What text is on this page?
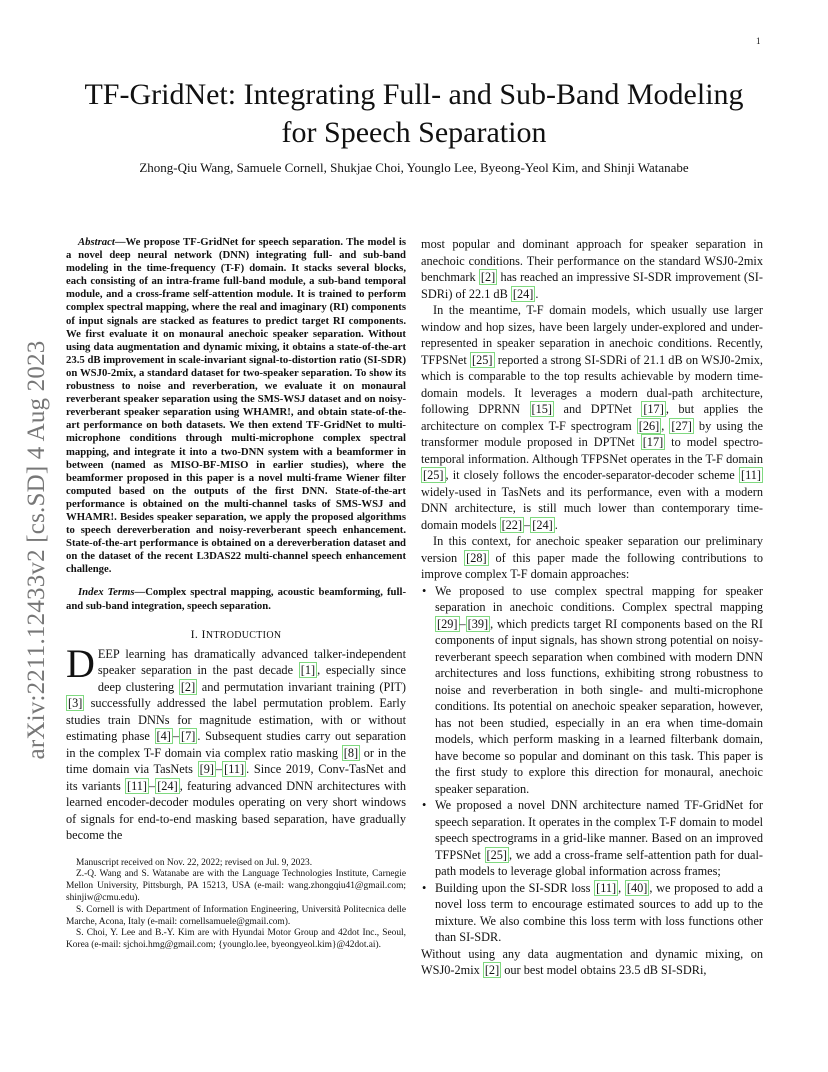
1
arXiv:2211.12433v2 [cs.SD] 4 Aug 2023
TF-GridNet: Integrating Full- and Sub-Band Modeling for Speech Separation
Zhong-Qiu Wang, Samuele Cornell, Shukjae Choi, Younglo Lee, Byeong-Yeol Kim, and Shinji Watanabe

Abstract—We propose TF-GridNet for speech separation. The model is a novel deep neural network (DNN) integrating full- and sub-band modeling in the time-frequency (T-F) domain. It stacks several blocks, each consisting of an intra-frame full-band module, a sub-band temporal module, and a cross-frame self-attention module. It is trained to perform complex spectral mapping, where the real and imaginary (RI) components of input signals are stacked as features to predict target RI components. We first evaluate it on monaural anechoic speaker separation. Without using data augmentation and dynamic mixing, it obtains a state-of-the-art 23.5 dB improvement in scale-invariant signal-to-distortion ratio (SI-SDR) on WSJ0-2mix, a standard dataset for two-speaker separation. To show its robustness to noise and reverberation, we evaluate it on monaural reverberant speaker separation using the SMS-WSJ dataset and on noisy-reverberant speaker separation using WHAMR!, and obtain state-of-the-art performance on both datasets. We then extend TF-GridNet to multi-microphone conditions through multi-microphone complex spectral mapping, and integrate it into a two-DNN system with a beamformer in between (named as MISO-BF-MISO in earlier studies), where the beamformer proposed in this paper is a novel multi-frame Wiener filter computed based on the outputs of the first DNN. State-of-the-art performance is obtained on the multi-channel tasks of SMS-WSJ and WHAMR!. Besides speaker separation, we apply the proposed algorithms to speech dereverberation and noisy-reverberant speech enhancement. State-of-the-art performance is obtained on a dereverberation dataset and on the dataset of the recent L3DAS22 multi-channel speech enhancement challenge.

Index Terms—Complex spectral mapping, acoustic beamforming, full- and sub-band integration, speech separation.

I. INTRODUCTION

DEEP learning has dramatically advanced talker-independent speaker separation in the past decade [1] , especially since deep clustering [2] and permutation invariant training (PIT) [3] successfully addressed the label permutation problem. Early studies train DNNs for magnitude estimation, with or without estimating phase [4] – [7] . Subsequent studies carry out separation in the complex T-F domain via complex ratio masking [8] or in the time domain via TasNets [9] – [11] . Since 2019, Conv-TasNet and its variants [11] – [24] , featuring advanced DNN architectures with learned encoder-decoder modules operating on very short windows of signals for end-to-end masking based separation, have gradually become the

Manuscript received on Nov. 22, 2022; revised on Jul. 9, 2023.

Z.-Q. Wang and S. Watanabe are with the Language Technologies Institute, Carnegie Mellon University, Pittsburgh, PA 15213, USA (e-mail: wang.zhongqiu41@gmail.com; shinjiw@cmu.edu).

S. Cornell is with Department of Information Engineering, Università Politecnica delle Marche, Acona, Italy (e-mail: cornellsamuele@gmail.com).

S. Choi, Y. Lee and B.-Y. Kim are with Hyundai Motor Group and 42dot Inc., Seoul, Korea (e-mail: sjchoi.hmg@gmail.com; {younglo.lee, byeongyeol.kim}@42dot.ai).

most popular and dominant approach for speaker separation in anechoic conditions. Their performance on the standard WSJ0-2mix benchmark [2] has reached an impressive SI-SDR improvement (SI-SDRi) of 22.1 dB [24] .

In the meantime, T-F domain models, which usually use larger window and hop sizes, have been largely under-explored and under-represented in speaker separation in anechoic conditions. Recently, TFPSNet [25] reported a strong SI-SDRi of 21.1 dB on WSJ0-2mix, which is comparable to the top results achievable by modern time-domain models. It leverages a modern dual-path architecture, following DPRNN [15] and DPTNet [17] , but applies the architecture on complex T-F spectrogram [26] , [27] by using the transformer module proposed in DPTNet [17] to model spectro-temporal information. Although TFPSNet operates in the T-F domain [25] , it closely follows the encoder-separator-decoder scheme [11] widely-used in TasNets and its performance, even with a modern DNN architecture, is still much lower than contemporary time-domain models [22] – [24] .

In this context, for anechoic speaker separation our preliminary version [28] of this paper made the following contributions to improve complex T-F domain approaches:

• We proposed to use complex spectral mapping for speaker separation in anechoic conditions. Complex spectral mapping [29] – [39] , which predicts target RI components based on the RI components of input signals, has shown strong potential on noisy-reverberant speech separation when combined with modern DNN architectures and loss functions, exhibiting strong robustness to noise and reverberation in both single- and multi-microphone conditions. Its potential on anechoic speaker separation, however, has not been studied, especially in an era when time-domain models, which perform masking in a learned filterbank domain, have become so popular and dominant on this task. This paper is the first study to explore this direction for monaural, anechoic speaker separation.
• We proposed a novel DNN architecture named TF-GridNet for speech separation. It operates in the complex T-F domain to model speech spectrograms in a grid-like manner. Based on an improved TFPSNet [25] , we add a cross-frame self-attention path for dual-path models to leverage global information across frames;
• Building upon the SI-SDR loss [11] , [40] , we proposed to add a novel loss term to encourage estimated sources to add up to the mixture. We also combine this loss term with loss functions other than SI-SDR.

Without using any data augmentation and dynamic mixing, on WSJ0-2mix [2] our best model obtains 23.5 dB SI-SDRi,
